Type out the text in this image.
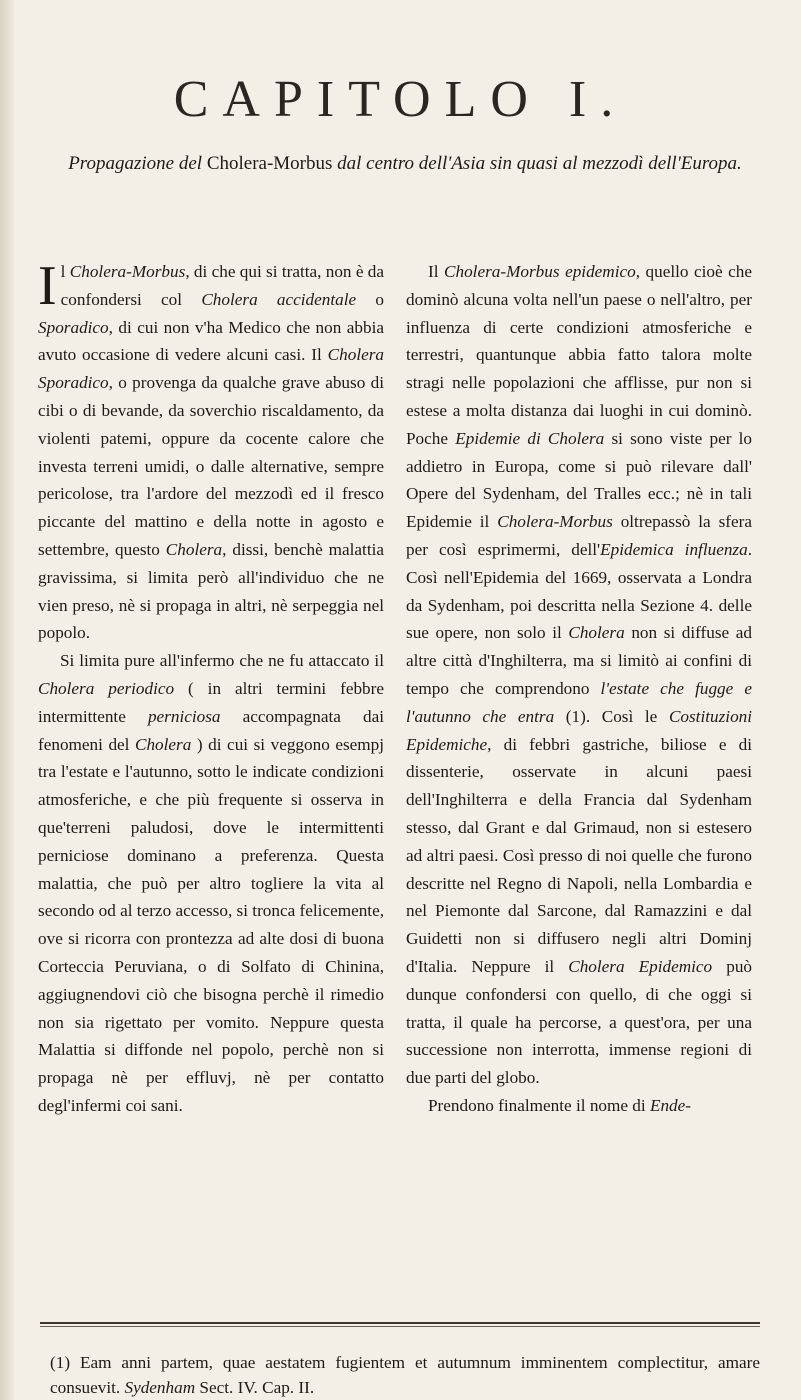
CAPITOLO I.

Propagazione del Cholera-Morbus dal centro dell'Asia sin quasi al mezzodì dell'Europa.

Il Cholera-Morbus, di che qui si tratta, non è da confondersi col Cholera accidentale o Sporadico, di cui non v'ha Medico che non abbia avuto occasione di vedere alcuni casi. Il Cholera Sporadico, o provenga da qualche grave abuso di cibi o di bevande, da soverchio riscaldamento, da violenti patemi, oppure da cocente calore che investa terreni umidi, o dalle alternative, sempre pericolose, tra l'ardore del mezzodì ed il fresco piccante del mattino e della notte in agosto e settembre, questo Cholera, dissi, benchè malattia gravissima, si limita però all'individuo che ne vien preso, nè si propaga in altri, nè serpeggia nel popolo.

Si limita pure all'infermo che ne fu attaccato il Cholera periodico ( in altri termini febbre intermittente perniciosa accompagnata dai fenomeni del Cholera ) di cui si veggono esempj tra l'estate e l'autunno, sotto le indicate condizioni atmosferiche, e che più frequente si osserva in que'terreni paludosi, dove le intermittenti perniciose dominano a preferenza. Questa malattia, che può per altro togliere la vita al secondo od al terzo accesso, si tronca felicemente, ove si ricorra con prontezza ad alte dosi di buona Corteccia Peruviana, o di Solfato di Chinina, aggiugnendovi ciò che bisogna perchè il rimedio non sia rigettato per vomito. Neppure questa Malattia si diffonde nel popolo, perchè non si propaga nè per effluvj, nè per contatto degl'infermi coi sani.

Il Cholera-Morbus epidemico, quello cioè che dominò alcuna volta nell'un paese o nell'altro, per influenza di certe condizioni atmosferiche e terrestri, quantunque abbia fatto talora molte stragi nelle popolazioni che afflisse, pur non si estese a molta distanza dai luoghi in cui dominò. Poche Epidemie di Cholera si sono viste per lo addietro in Europa, come si può rilevare dall' Opere del Sydenham, del Tralles ecc.; nè in tali Epidemie il Cholera-Morbus oltrepassò la sfera per così esprimermi, dell'Epidemica influenza. Così nell'Epidemia del 1669, osservata a Londra da Sydenham, poi descritta nella Sezione 4. delle sue opere, non solo il Cholera non si diffuse ad altre città d'Inghilterra, ma si limitò ai confini di tempo che comprendono l'estate che fugge e l'autunno che entra (1). Così le Costituzioni Epidemiche, di febbri gastriche, biliose e di dissenterie, osservate in alcuni paesi dell'Inghilterra e della Francia dal Sydenham stesso, dal Grant e dal Grimaud, non si estesero ad altri paesi. Così presso di noi quelle che furono descritte nel Regno di Napoli, nella Lombardia e nel Piemonte dal Sarcone, dal Ramazzini e dal Guidetti non si diffusero negli altri Dominj d'Italia. Neppure il Cholera Epidemico può dunque confondersi con quello, di che oggi si tratta, il quale ha percorse, a quest'ora, per una successione non interrotta, immense regioni di due parti del globo.

Prendono finalmente il nome di Ende-

(1) Eam anni partem, quae aestatem fugientem et autumnum imminentem complectitur, amare consuevit. Sydenham Sect. IV. Cap. II.
